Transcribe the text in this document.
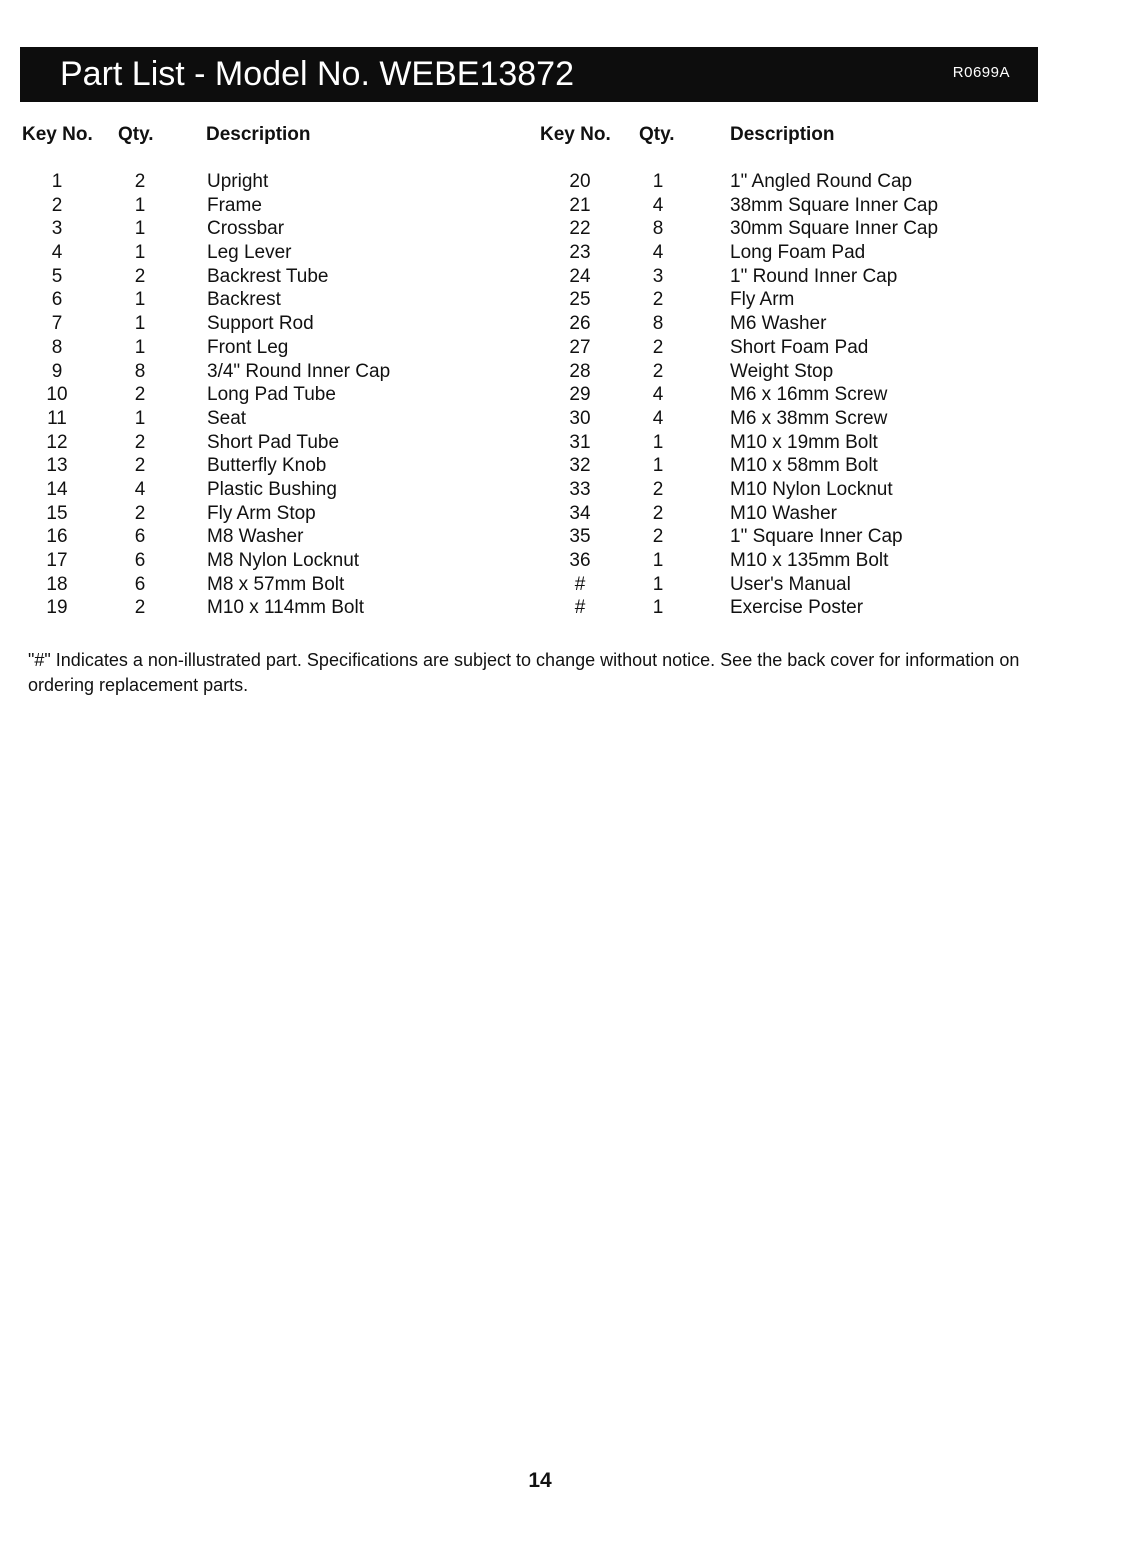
Part List - Model No. WEBE13872	R0699A
Key No. Qty.	Description	Key No. Qty.	Description
1	2	Upright
2	1	Frame
3	1	Crossbar
4	1	Leg Lever
5	2	Backrest Tube
6	1	Backrest
7	1	Support Rod
8	1	Front Leg
9	8	3/4" Round Inner Cap
10	2	Long Pad Tube
11	1	Seat
12	2	Short Pad Tube
13	2	Butterfly Knob
14	4	Plastic Bushing
15	2	Fly Arm Stop
16	6	M8 Washer
17	6	M8 Nylon Locknut
18	6	M8 x 57mm Bolt
19	2	M10 x 114mm Bolt
20	1	1" Angled Round Cap
21	4	38mm Square Inner Cap
22	8	30mm Square Inner Cap
23	4	Long Foam Pad
24	3	1" Round Inner Cap
25	2	Fly Arm
26	8	M6 Washer
27	2	Short Foam Pad
28	2	Weight Stop
29	4	M6 x 16mm Screw
30	4	M6 x 38mm Screw
31	1	M10 x 19mm Bolt
32	1	M10 x 58mm Bolt
33	2	M10 Nylon Locknut
34	2	M10 Washer
35	2	1" Square Inner Cap
36	1	M10 x 135mm Bolt
#	1	User's Manual
#	1	Exercise Poster
"#" Indicates a non-illustrated part. Specifications are subject to change without notice. See the back cover for information on ordering replacement parts.
14
